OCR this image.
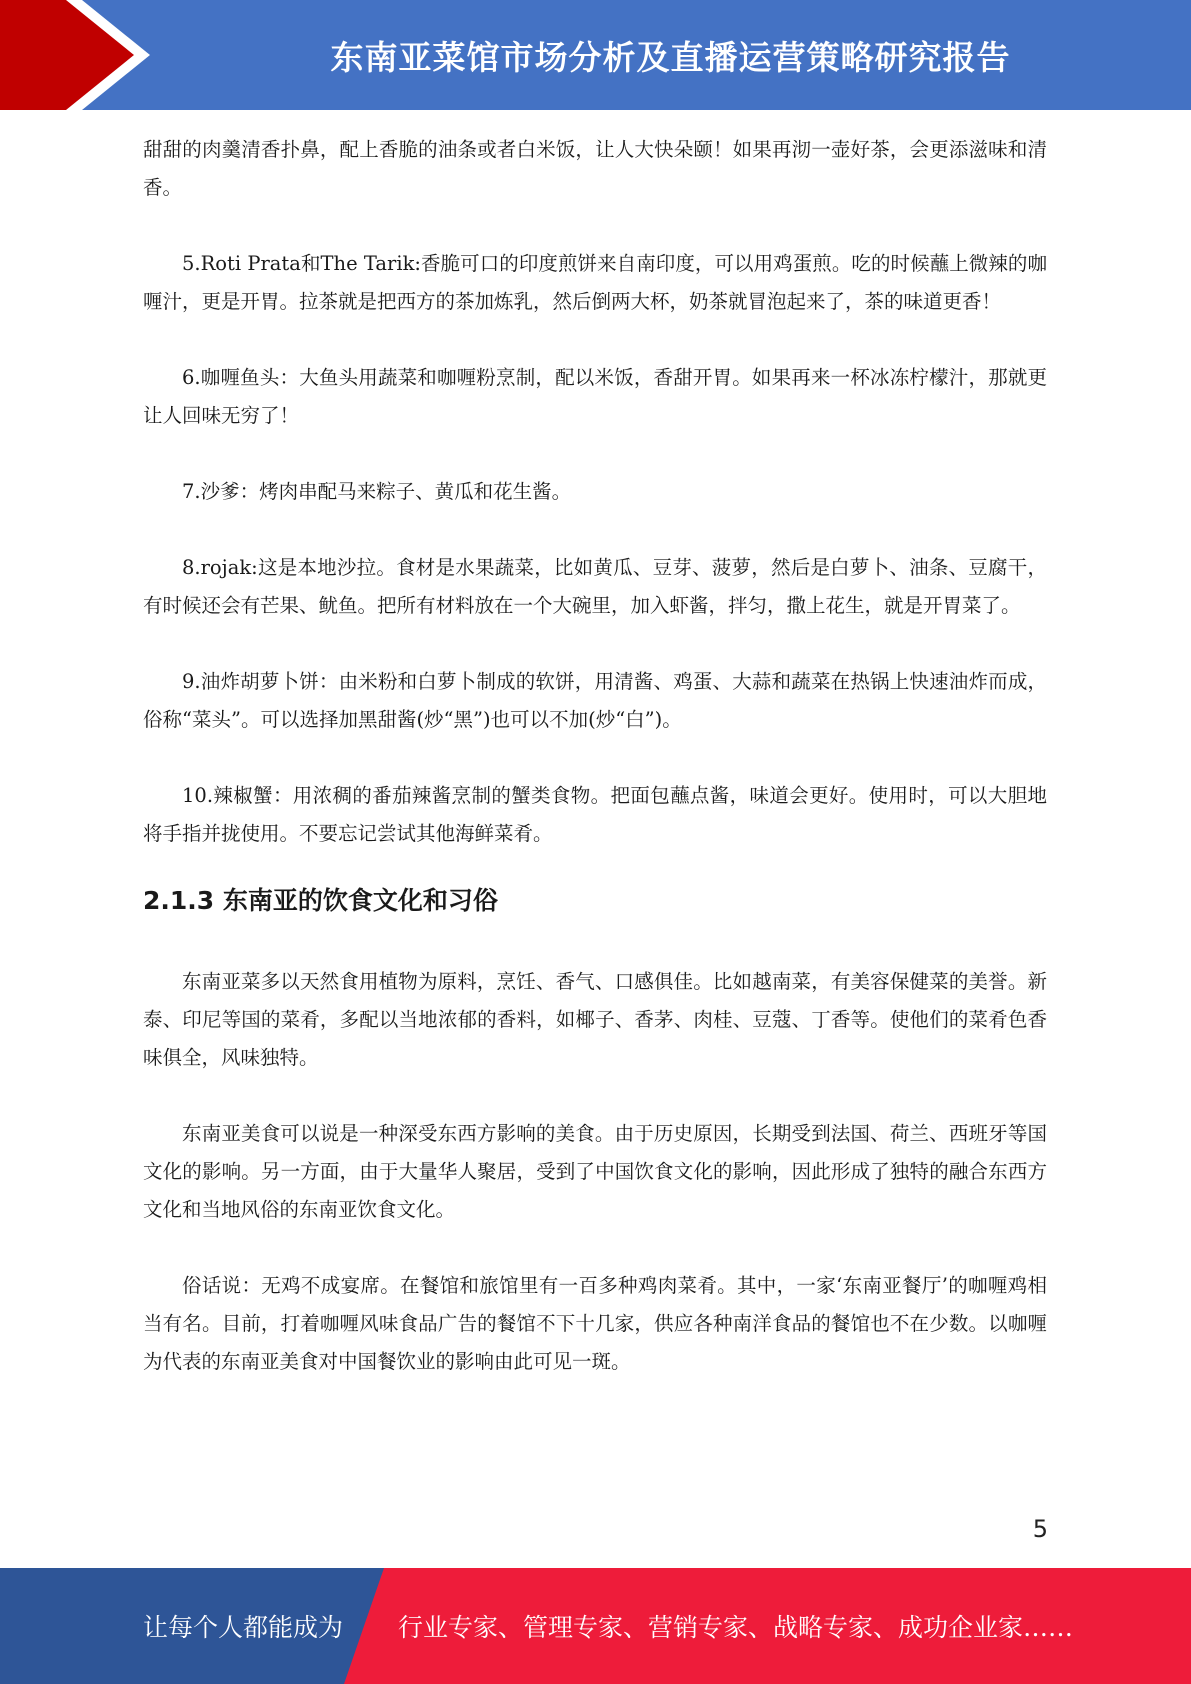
东南亚菜馆市场分析及直播运营策略研究报告

甜甜的肉羹清香扑鼻，配上香脆的油条或者白米饭，让人大快朵颐！如果再沏一壶好茶，会更添滋味和清香。

5.Roti Prata和The Tarik:香脆可口的印度煎饼来自南印度，可以用鸡蛋煎。吃的时候蘸上微辣的咖喱汁，更是开胃。拉茶就是把西方的茶加炼乳，然后倒两大杯，奶茶就冒泡起来了，茶的味道更香！

6.咖喱鱼头：大鱼头用蔬菜和咖喱粉烹制，配以米饭，香甜开胃。如果再来一杯冰冻柠檬汁，那就更让人回味无穷了！

7.沙爹：烤肉串配马来粽子、黄瓜和花生酱。

8.rojak:这是本地沙拉。食材是水果蔬菜，比如黄瓜、豆芽、菠萝，然后是白萝卜、油条、豆腐干，有时候还会有芒果、鱿鱼。把所有材料放在一个大碗里，加入虾酱，拌匀，撒上花生，就是开胃菜了。

9.油炸胡萝卜饼：由米粉和白萝卜制成的软饼，用清酱、鸡蛋、大蒜和蔬菜在热锅上快速油炸而成，俗称“菜头”。可以选择加黑甜酱(炒“黑”)也可以不加(炒“白”)。

10.辣椒蟹：用浓稠的番茄辣酱烹制的蟹类食物。把面包蘸点酱，味道会更好。使用时，可以大胆地将手指并拢使用。不要忘记尝试其他海鲜菜肴。

2.1.3 东南亚的饮食文化和习俗

东南亚菜多以天然食用植物为原料，烹饪、香气、口感俱佳。比如越南菜，有美容保健菜的美誉。新泰、印尼等国的菜肴，多配以当地浓郁的香料，如椰子、香茅、肉桂、豆蔻、丁香等。使他们的菜肴色香味俱全，风味独特。

东南亚美食可以说是一种深受东西方影响的美食。由于历史原因，长期受到法国、荷兰、西班牙等国文化的影响。另一方面，由于大量华人聚居，受到了中国饮食文化的影响，因此形成了独特的融合东西方文化和当地风俗的东南亚饮食文化。

俗话说：无鸡不成宴席。在餐馆和旅馆里有一百多种鸡肉菜肴。其中，一家‘东南亚餐厅’的咖喱鸡相当有名。目前，打着咖喱风味食品广告的餐馆不下十几家，供应各种南洋食品的餐馆也不在少数。以咖喱为代表的东南亚美食对中国餐饮业的影响由此可见一斑。

5
让每个人都能成为 行业专家、管理专家、营销专家、战略专家、成功企业家……
